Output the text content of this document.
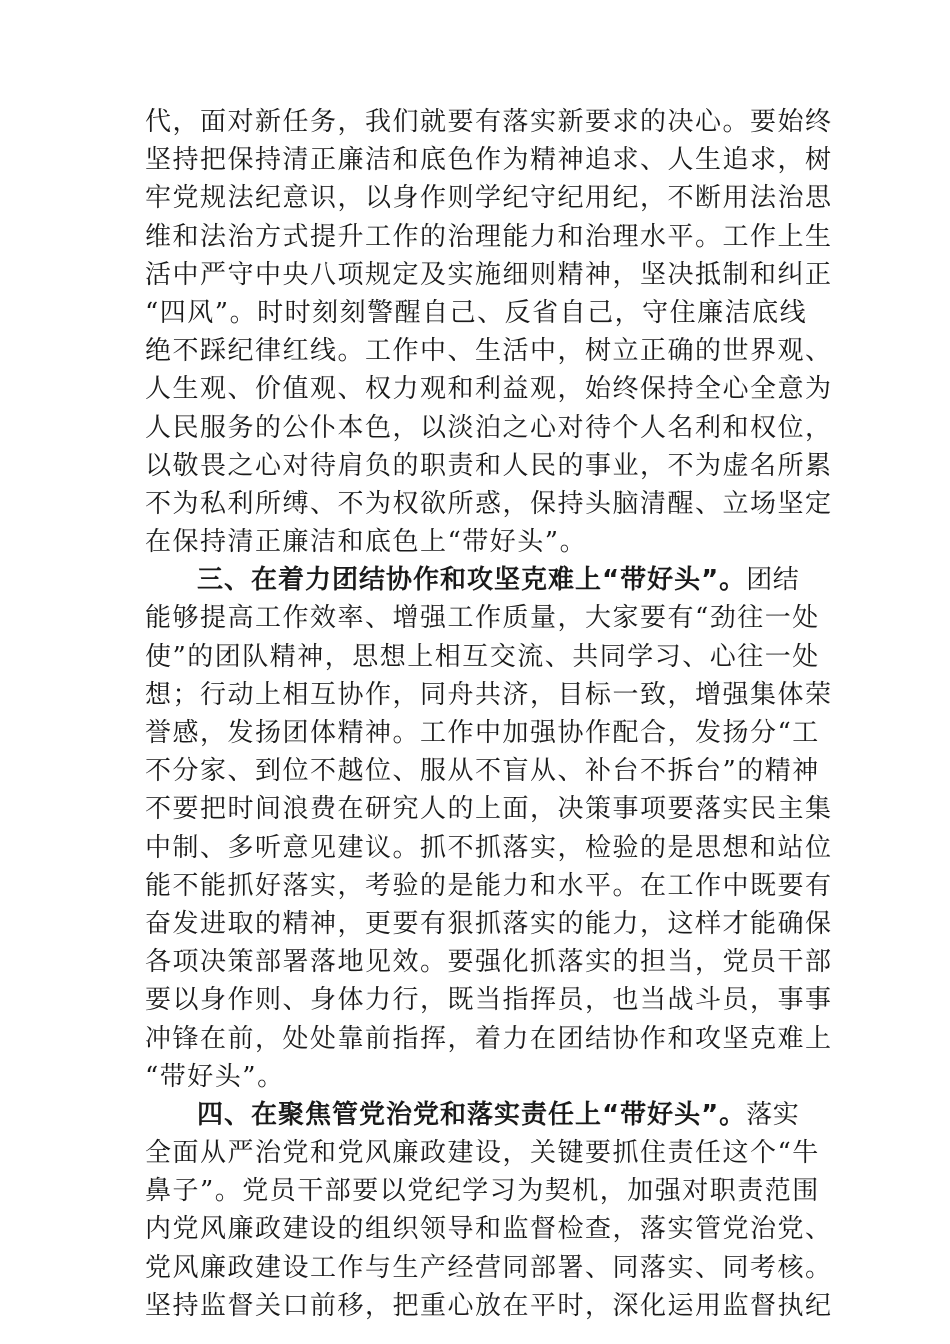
代，面对新任务，我们就要有落实新要求的决心。要始终
坚持把保持清正廉洁和底色作为精神追求、人生追求，树
牢党规法纪意识，以身作则学纪守纪用纪，不断用法治思
维和法治方式提升工作的治理能力和治理水平。工作上生
活中严守中央八项规定及实施细则精神，坚决抵制和纠正
“四风”。时时刻刻警醒自己、反省自己，守住廉洁底线
绝不踩纪律红线。工作中、生活中，树立正确的世界观、
人生观、价值观、权力观和利益观，始终保持全心全意为
人民服务的公仆本色，以淡泊之心对待个人名利和权位，
以敬畏之心对待肩负的职责和人民的事业，不为虚名所累
不为私利所缚、不为权欲所惑，保持头脑清醒、立场坚定
在保持清正廉洁和底色上“带好头”。
三、在着力团结协作和攻坚克难上“带好头”。团结
能够提高工作效率、增强工作质量，大家要有“劲往一处
使”的团队精神，思想上相互交流、共同学习、心往一处
想；行动上相互协作，同舟共济，目标一致，增强集体荣
誉感，发扬团体精神。工作中加强协作配合，发扬分“工
不分家、到位不越位、服从不盲从、补台不拆台”的精神
不要把时间浪费在研究人的上面，决策事项要落实民主集
中制、多听意见建议。抓不抓落实，检验的是思想和站位
能不能抓好落实，考验的是能力和水平。在工作中既要有
奋发进取的精神，更要有狠抓落实的能力，这样才能确保
各项决策部署落地见效。要强化抓落实的担当，党员干部
要以身作则、身体力行，既当指挥员，也当战斗员，事事
冲锋在前，处处靠前指挥，着力在团结协作和攻坚克难上
“带好头”。
四、在聚焦管党治党和落实责任上“带好头”。落实
全面从严治党和党风廉政建设，关键要抓住责任这个“牛
鼻子”。党员干部要以党纪学习为契机，加强对职责范围
内党风廉政建设的组织领导和监督检查，落实管党治党、
党风廉政建设工作与生产经营同部署、同落实、同考核。
坚持监督关口前移，把重心放在平时，深化运用监督执纪
